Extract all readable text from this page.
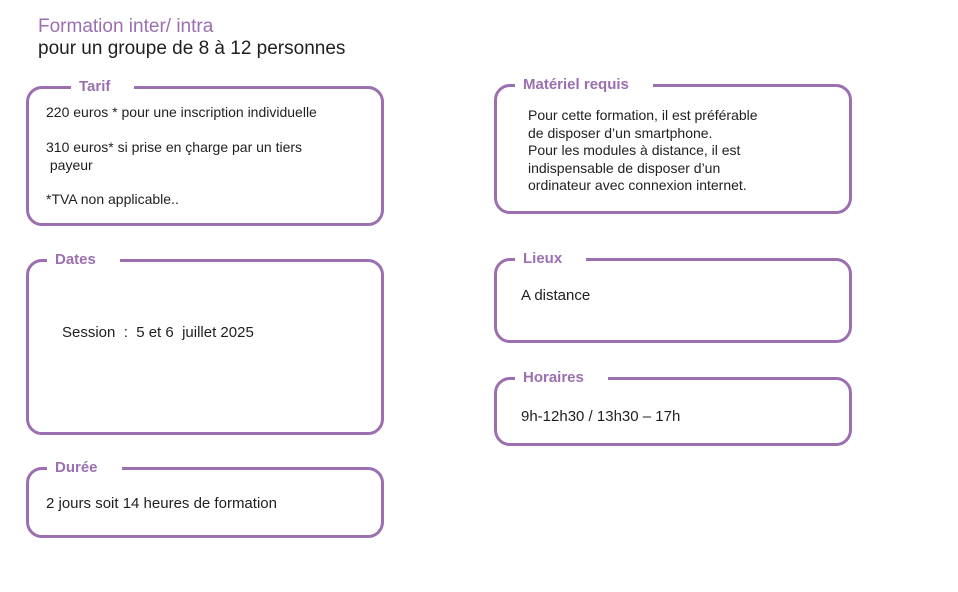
Formation inter/ intra
pour un groupe de 8 à 12 personnes
Tarif

220 euros * pour une inscription individuelle

310 euros* si prise en çharge par un tiers

payeur

*TVA non applicable..

Matériel requis

Pour cette formation, il est préférable

de disposer d’un smartphone.

Pour les modules à distance, il est

indispensable de disposer d’un

ordinateur avec connexion internet.

Dates
Session  :  5 et 6  juillet 2025
Lieux
A distance
Horaires
9h-12h30 / 13h30 – 17h
Durée
2 jours soit 14 heures de formation
